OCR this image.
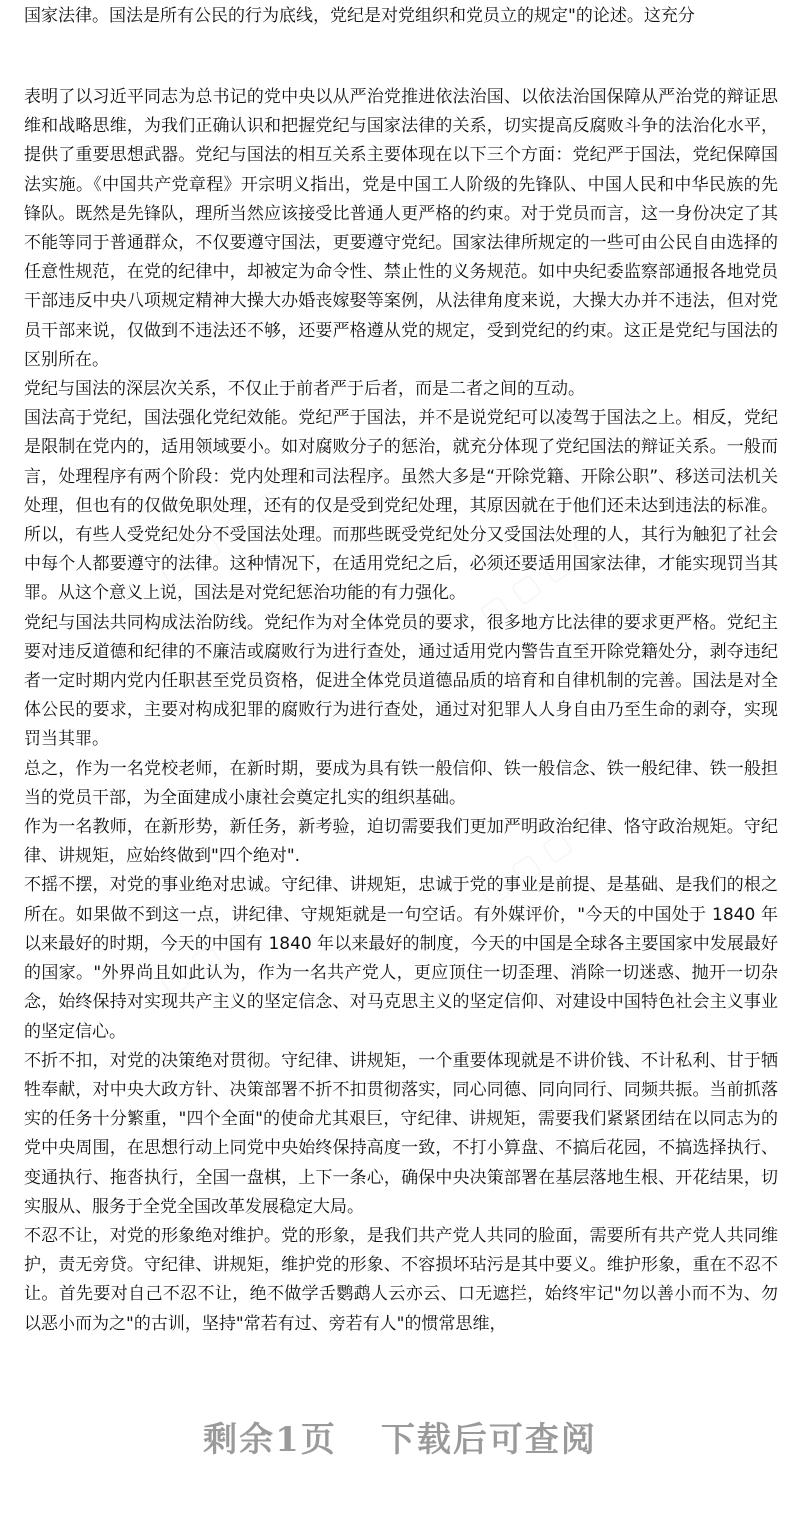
国家法律。国法是所有公民的行为底线，党纪是对党组织和党员立的规定"的论述。这充分

表明了以习近平同志为总书记的党中央以从严治党推进依法治国、以依法治国保障从严治党的辩证思维和战略思维，为我们正确认识和把握党纪与国家法律的关系，切实提高反腐败斗争的法治化水平，提供了重要思想武器。党纪与国法的相互关系主要体现在以下三个方面：党纪严于国法，党纪保障国法实施。《中国共产党章程》开宗明义指出，党是中国工人阶级的先锋队、中国人民和中华民族的先锋队。既然是先锋队，理所当然应该接受比普通人更严格的约束。对于党员而言，这一身份决定了其不能等同于普通群众，不仅要遵守国法，更要遵守党纪。国家法律所规定的一些可由公民自由选择的任意性规范，在党的纪律中，却被定为命令性、禁止性的义务规范。如中央纪委监察部通报各地党员干部违反中央八项规定精神大操大办婚丧嫁娶等案例，从法律角度来说，大操大办并不违法，但对党员干部来说，仅做到不违法还不够，还要严格遵从党的规定，受到党纪的约束。这正是党纪与国法的区别所在。

党纪与国法的深层次关系，不仅止于前者严于后者，而是二者之间的互动。

国法高于党纪，国法强化党纪效能。党纪严于国法，并不是说党纪可以凌驾于国法之上。相反，党纪是限制在党内的，适用领域要小。如对腐败分子的惩治，就充分体现了党纪国法的辩证关系。一般而言，处理程序有两个阶段：党内处理和司法程序。虽然大多是“开除党籍、开除公职”、移送司法机关处理，但也有的仅做免职处理，还有的仅是受到党纪处理，其原因就在于他们还未达到违法的标准。所以，有些人受党纪处分不受国法处理。而那些既受党纪处分又受国法处理的人，其行为触犯了社会中每个人都要遵守的法律。这种情况下，在适用党纪之后，必须还要适用国家法律，才能实现罚当其罪。从这个意义上说，国法是对党纪惩治功能的有力强化。

党纪与国法共同构成法治防线。党纪作为对全体党员的要求，很多地方比法律的要求更严格。党纪主要对违反道德和纪律的不廉洁或腐败行为进行查处，通过适用党内警告直至开除党籍处分，剥夺违纪者一定时期内党内任职甚至党员资格，促进全体党员道德品质的培育和自律机制的完善。国法是对全体公民的要求，主要对构成犯罪的腐败行为进行查处，通过对犯罪人人身自由乃至生命的剥夺，实现罚当其罪。

总之，作为一名党校老师，在新时期，要成为具有铁一般信仰、铁一般信念、铁一般纪律、铁一般担当的党员干部，为全面建成小康社会奠定扎实的组织基础。

作为一名教师，在新形势，新任务，新考验，迫切需要我们更加严明政治纪律、恪守政治规矩。守纪律、讲规矩，应始终做到"四个绝对".

不摇不摆，对党的事业绝对忠诚。守纪律、讲规矩，忠诚于党的事业是前提、是基础、是我们的根之所在。如果做不到这一点，讲纪律、守规矩就是一句空话。有外媒评价，"今天的中国处于 1840 年以来最好的时期，今天的中国有 1840 年以来最好的制度，今天的中国是全球各主要国家中发展最好的国家。"外界尚且如此认为，作为一名共产党人，更应顶住一切歪理、消除一切迷惑、抛开一切杂念，始终保持对实现共产主义的坚定信念、对马克思主义的坚定信仰、对建设中国特色社会主义事业的坚定信心。

不折不扣，对党的决策绝对贯彻。守纪律、讲规矩，一个重要体现就是不讲价钱、不计私利、甘于牺牲奉献，对中央大政方针、决策部署不折不扣贯彻落实，同心同德、同向同行、同频共振。当前抓落实的任务十分繁重，"四个全面"的使命尤其艰巨，守纪律、讲规矩，需要我们紧紧团结在以同志为的党中央周围，在思想行动上同党中央始终保持高度一致，不打小算盘、不搞后花园，不搞选择执行、变通执行、拖沓执行，全国一盘棋，上下一条心，确保中央决策部署在基层落地生根、开花结果，切实服从、服务于全党全国改革发展稳定大局。

不忍不让，对党的形象绝对维护。党的形象，是我们共产党人共同的脸面，需要所有共产党人共同维护，责无旁贷。守纪律、讲规矩，维护党的形象、不容损坏玷污是其中要义。维护形象，重在不忍不让。首先要对自己不忍不让，绝不做学舌鹦鹉人云亦云、口无遮拦，始终牢记"勿以善小而不为、勿以恶小而为之"的古训，坚持"常若有过、旁若有人"的惯常思维，

剩余1页 下载后可查阅
